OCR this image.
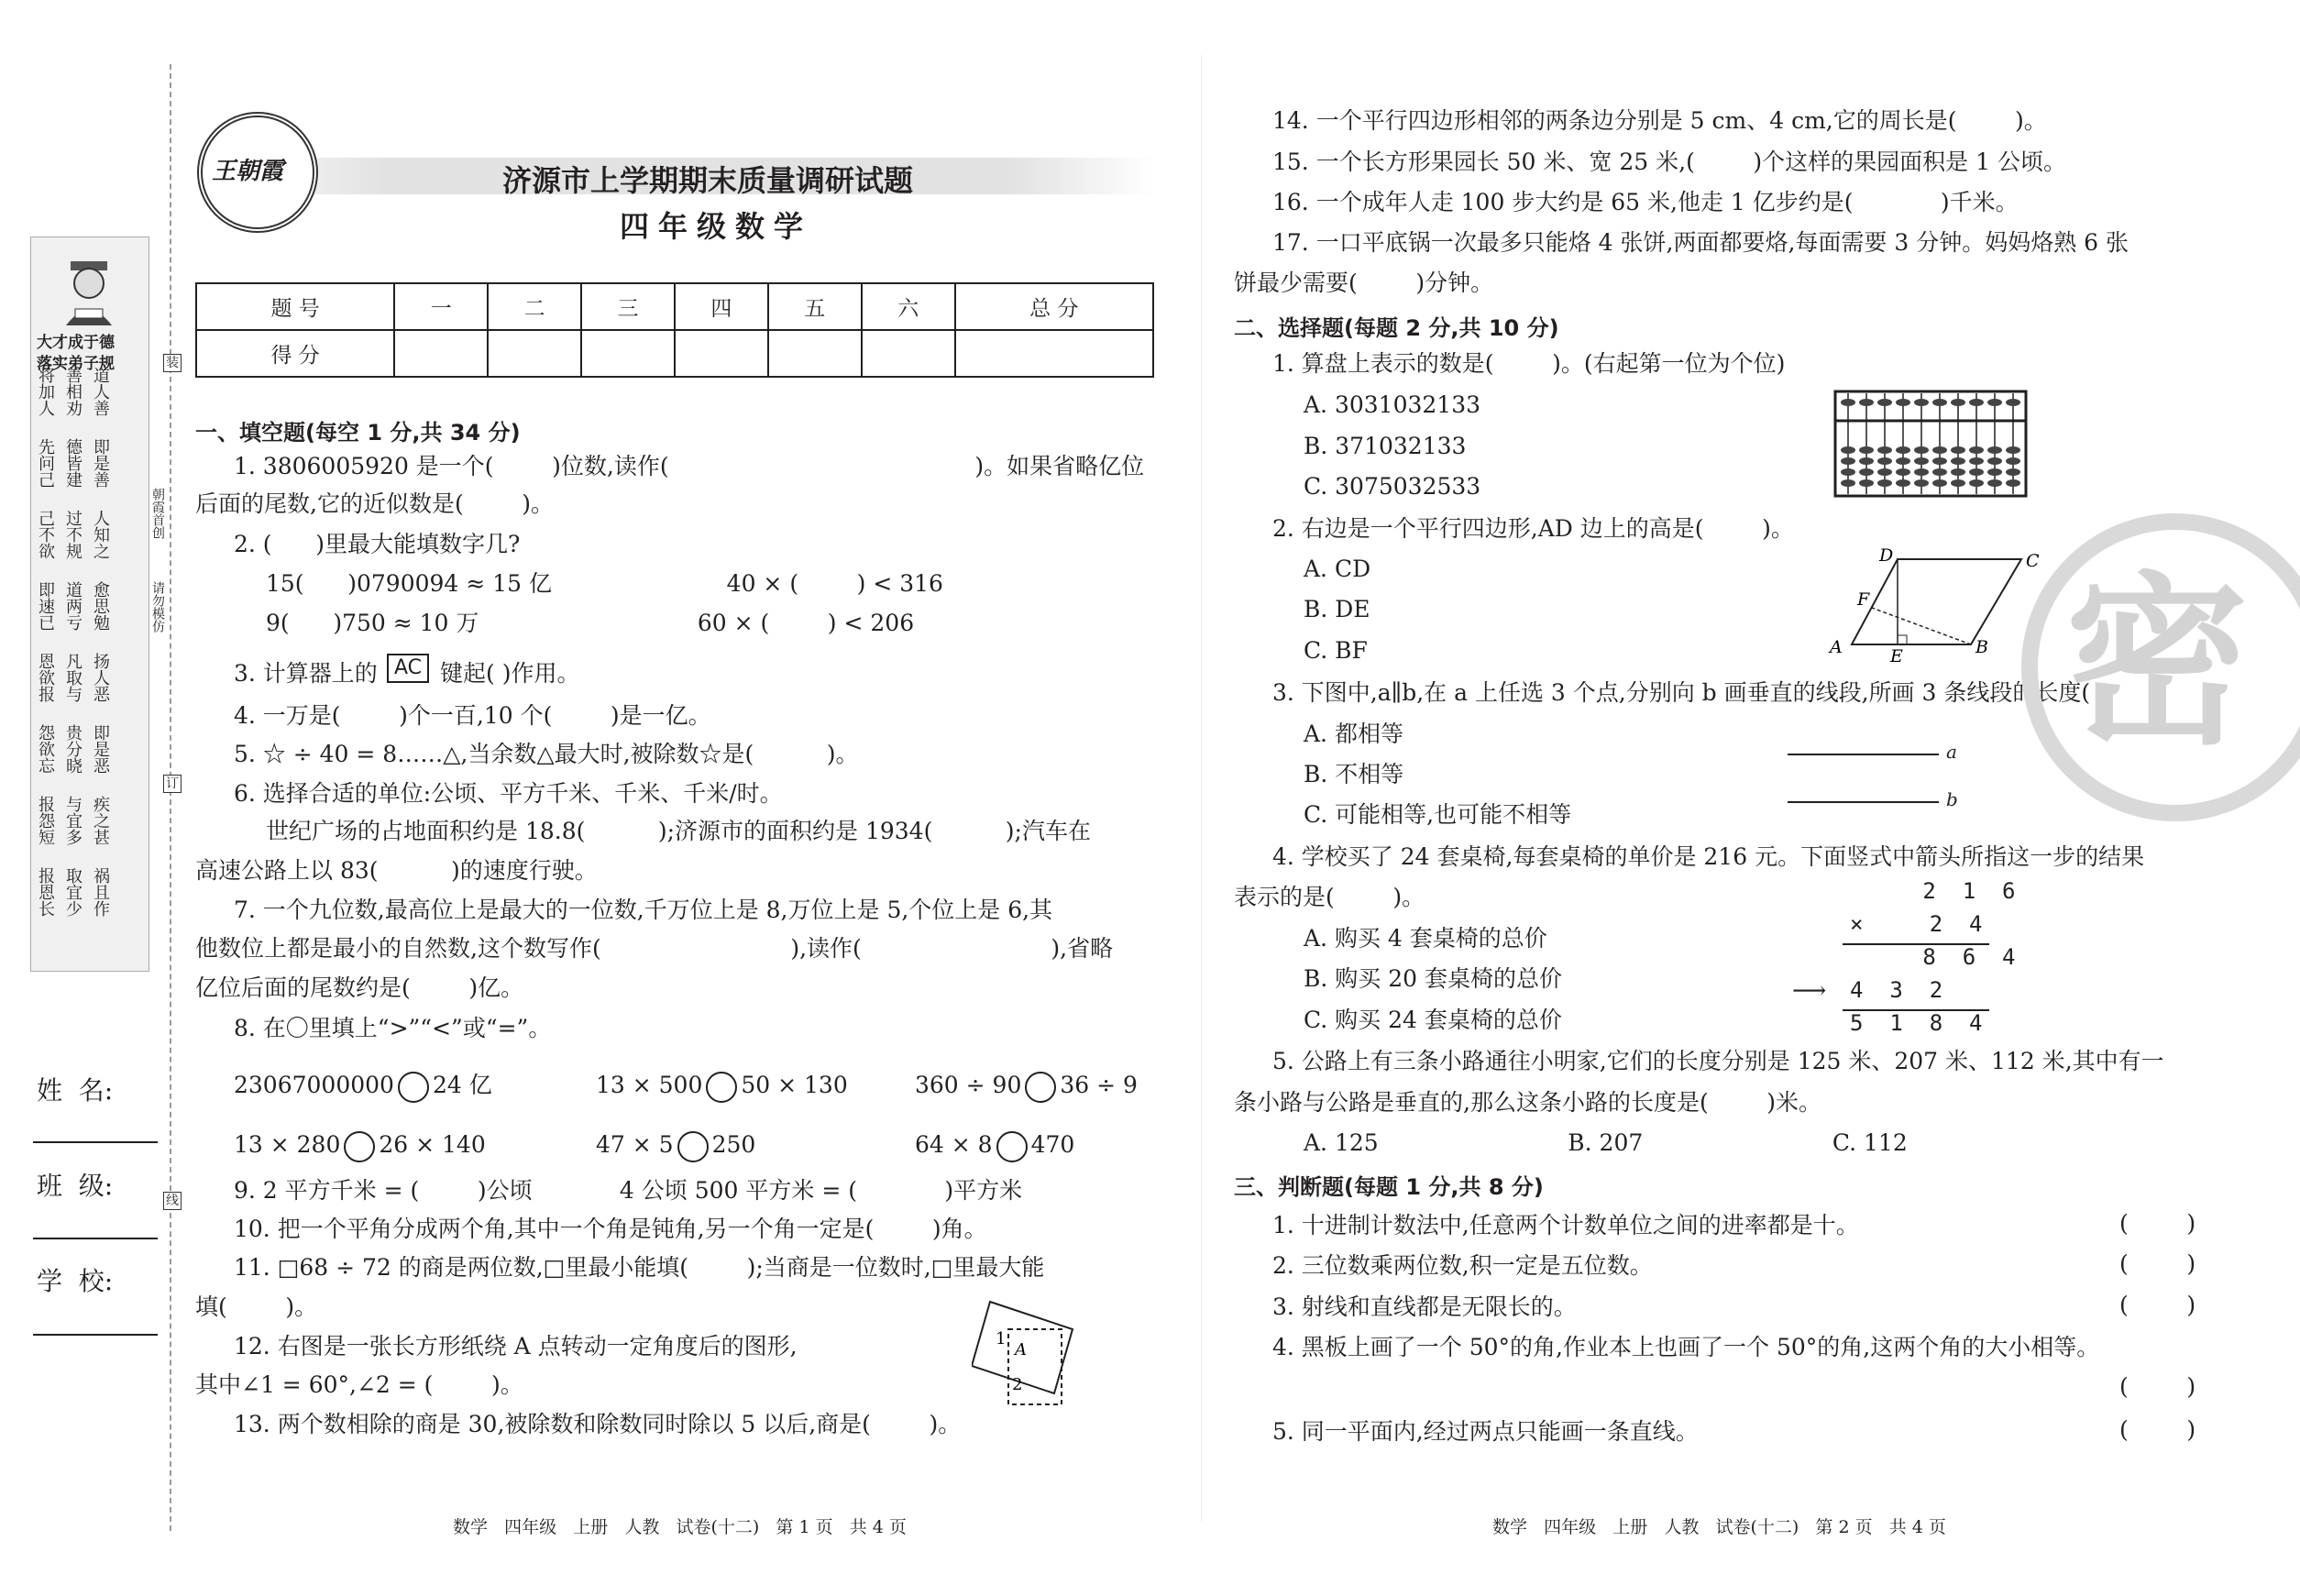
大才成于德
落实弟子规
将加人 善相劝 道人善
先问己 德皆建 即是善
己不欲 过不规 人知之
即速已 道两亏 愈思勉
恩欲报 凡取与 扬人恶
怨欲忘 贵分晓 即是恶
报怨短 与宜多 疾之甚
报恩长 取宜少 祸且作
姓  名:
班  级:
学  校:
装
朝霞首创
请勿模仿
订
线
王朝霞	济源市上学期期末质量调研试题
四年级数学
题 号	一	二	三	四	五	六	总 分
得 分							
一、填空题(每空 1 分,共 34 分)
1. 3806005920 是一个(        )位数,读作(                                          )。如果省略亿位
后面的尾数,它的近似数是(        )。
2. (      )里最大能填数字几?
15(      )0790094 ≈ 15 亿                        40 × (        ) < 316
9(      )750 ≈ 10 万                              60 × (        ) < 206
4. 一万是(        )个一百,10 个(        )是一亿。
5. ☆ ÷ 40 = 8……△,当余数△最大时,被除数☆是(          )。
6. 选择合适的单位:公顷、平方千米、千米、千米/时。
世纪广场的占地面积约是 18.8(          );济源市的面积约是 1934(          );汽车在
高速公路上以 83(          )的速度行驶。
7. 一个九位数,最高位上是最大的一位数,千万位上是 8,万位上是 5,个位上是 6,其
他数位上都是最小的自然数,这个数写作(                          ),读作(                          ),省略
亿位后面的尾数约是(        )亿。
8. 在〇里填上“>”“<”或“=”。
3. 计算器上的 AC 键起( )作用。
23067000000 24 亿	13 × 500 50 × 130	360 ÷ 90 36 ÷ 9
13 × 280 26 × 140	47 × 5 250	64 × 8 470
9. 2 平方千米 = (        )公顷            4 公顷 500 平方米 = (            )平方米
10. 把一个平角分成两个角,其中一个角是钝角,另一个角一定是(        )角。
11. □68 ÷ 72 的商是两位数,□里最小能填(        );当商是一位数时,□里最大能
填(        )。
12. 右图是一张长方形纸绕 A 点转动一定角度后的图形,
其中∠1 = 60°,∠2 = (        )。
13. 两个数相除的商是 30,被除数和除数同时除以 5 以后,商是(        )。
1
A
2
14. 一个平行四边形相邻的两条边分别是 5 cm、4 cm,它的周长是(        )。
15. 一个长方形果园长 50 米、宽 25 米,(        )个这样的果园面积是 1 公顷。
16. 一个成年人走 100 步大约是 65 米,他走 1 亿步约是(            )千米。
17. 一口平底锅一次最多只能烙 4 张饼,两面都要烙,每面需要 3 分钟。妈妈烙熟 6 张
饼最少需要(        )分钟。
二、选择题(每题 2 分,共 10 分)
1. 算盘上表示的数是(        )。(右起第一位为个位)
A. 3031032133
B. 371032133
C. 3075032533
2. 右边是一个平行四边形,AD 边上的高是(        )。
A. CD
B. DE
C. BF
3. 下图中,a∥b,在 a 上任选 3 个点,分别向 b 画垂直的线段,所画 3 条线段的长度(        )。
A. 都相等
B. 不相等
C. 可能相等,也可能不相等
4. 学校买了 24 套桌椅,每套桌椅的单价是 216 元。下面竖式中箭头所指这一步的结果
表示的是(        )。
A. 购买 4 套桌椅的总价
B. 购买 20 套桌椅的总价
C. 购买 24 套桌椅的总价
5. 公路上有三条小路通往小明家,它们的长度分别是 125 米、207 米、112 米,其中有一
条小路与公路是垂直的,那么这条小路的长度是(        )米。
A. 125                          B. 207                          C. 112
三、判断题(每题 1 分,共 8 分)
1. 十进制计数法中,任意两个计数单位之间的进率都是十。
2. 三位数乘两位数,积一定是五位数。
3. 射线和直线都是无限长的。
4. 黑板上画了一个 50°的角,作业本上也画了一个 50°的角,这两个角的大小相等。
5. 同一平面内,经过两点只能画一条直线。
(        )
(        )
(        )
(        )
(        )
D	C
F
A	E	B
a
b
2  1  6
×     2  4
8  6  4
⟶ 4  3  2
5  1  8  4
密
数学   四年级   上册   人教   试卷(十二)   第 1 页   共 4 页	数学   四年级   上册   人教   试卷(十二)   第 2 页   共 4 页
